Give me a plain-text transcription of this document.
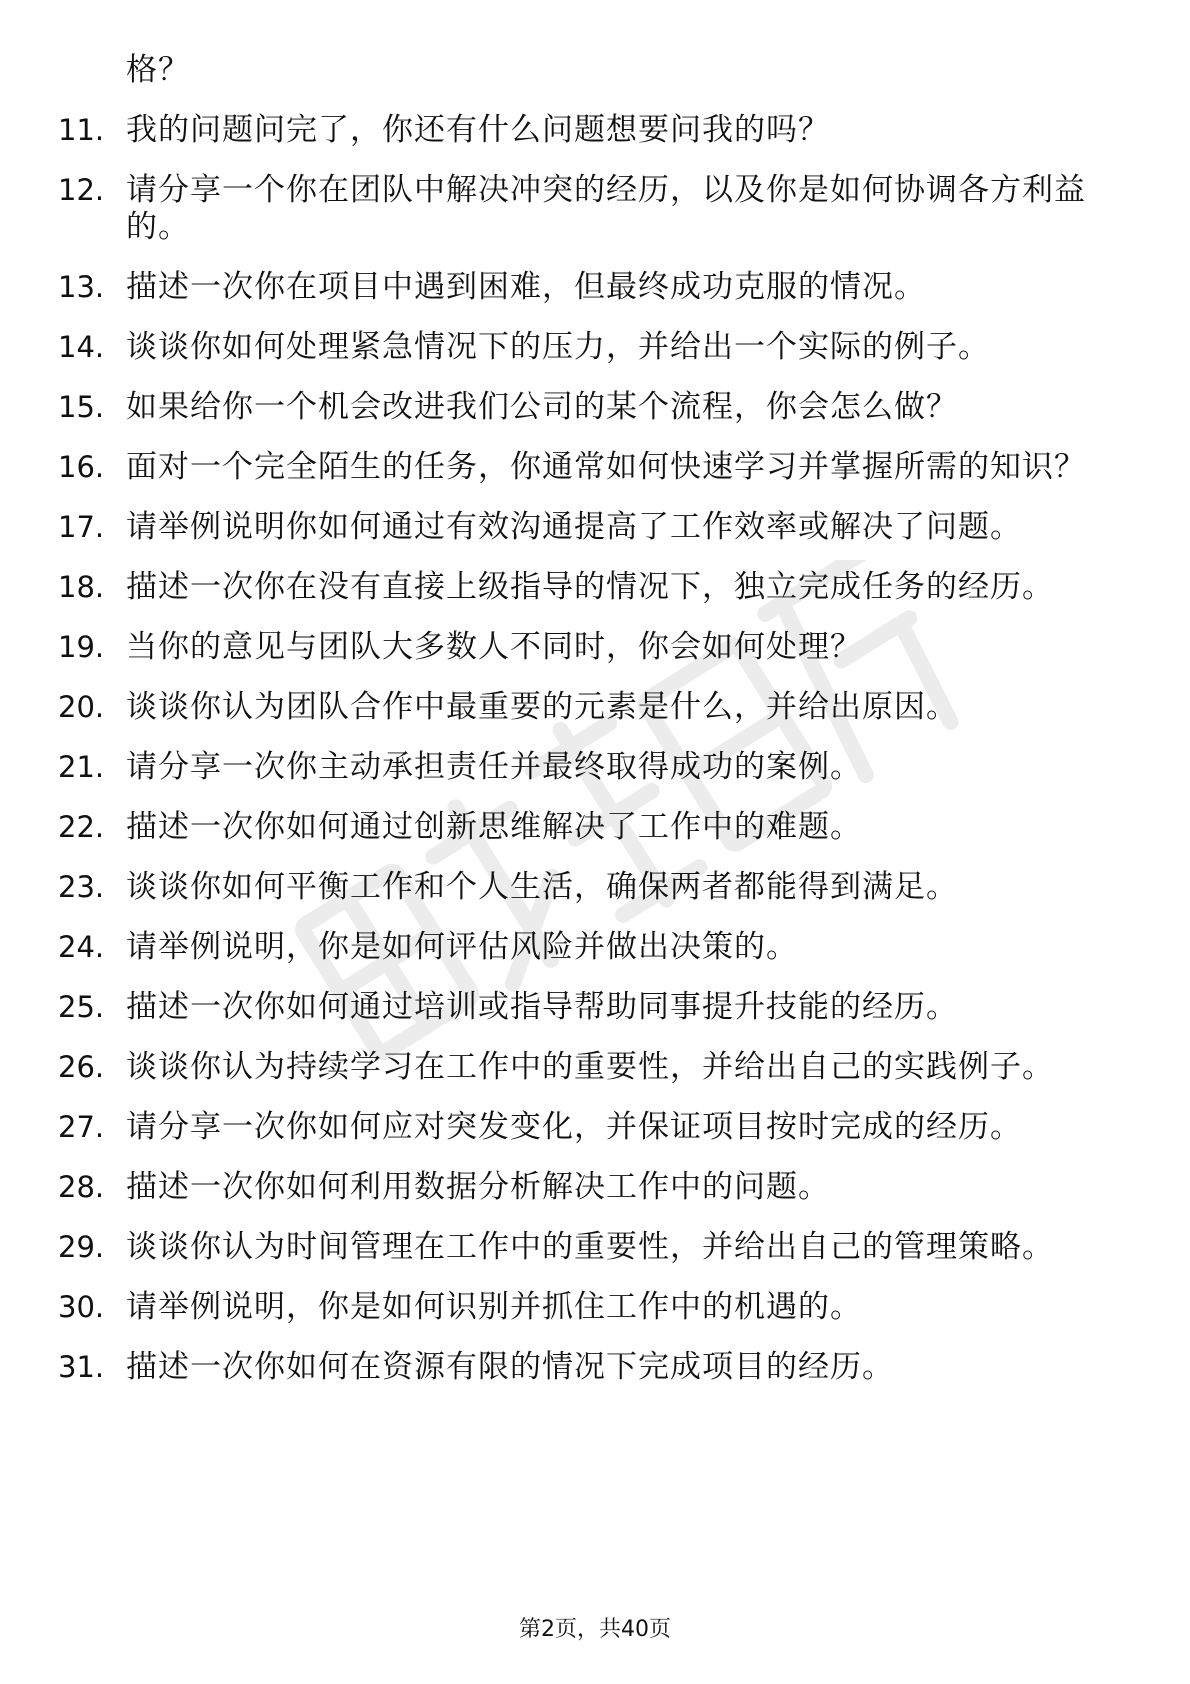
格？
11. 我的问题问完了，你还有什么问题想要问我的吗？
12. 请分享一个你在团队中解决冲突的经历，以及你是如何协调各方利益的。
13. 描述一次你在项目中遇到困难，但最终成功克服的情况。
14. 谈谈你如何处理紧急情况下的压力，并给出一个实际的例子。
15. 如果给你一个机会改进我们公司的某个流程，你会怎么做？
16. 面对一个完全陌生的任务，你通常如何快速学习并掌握所需的知识？
17. 请举例说明你如何通过有效沟通提高了工作效率或解决了问题。
18. 描述一次你在没有直接上级指导的情况下，独立完成任务的经历。
19. 当你的意见与团队大多数人不同时，你会如何处理？
20. 谈谈你认为团队合作中最重要的元素是什么，并给出原因。
21. 请分享一次你主动承担责任并最终取得成功的案例。
22. 描述一次你如何通过创新思维解决了工作中的难题。
23. 谈谈你如何平衡工作和个人生活，确保两者都能得到满足。
24. 请举例说明，你是如何评估风险并做出决策的。
25. 描述一次你如何通过培训或指导帮助同事提升技能的经历。
26. 谈谈你认为持续学习在工作中的重要性，并给出自己的实践例子。
27. 请分享一次你如何应对突发变化，并保证项目按时完成的经历。
28. 描述一次你如何利用数据分析解决工作中的问题。
29. 谈谈你认为时间管理在工作中的重要性，并给出自己的管理策略。
30. 请举例说明，你是如何识别并抓住工作中的机遇的。
31. 描述一次你如何在资源有限的情况下完成项目的经历。
第2页，共40页
